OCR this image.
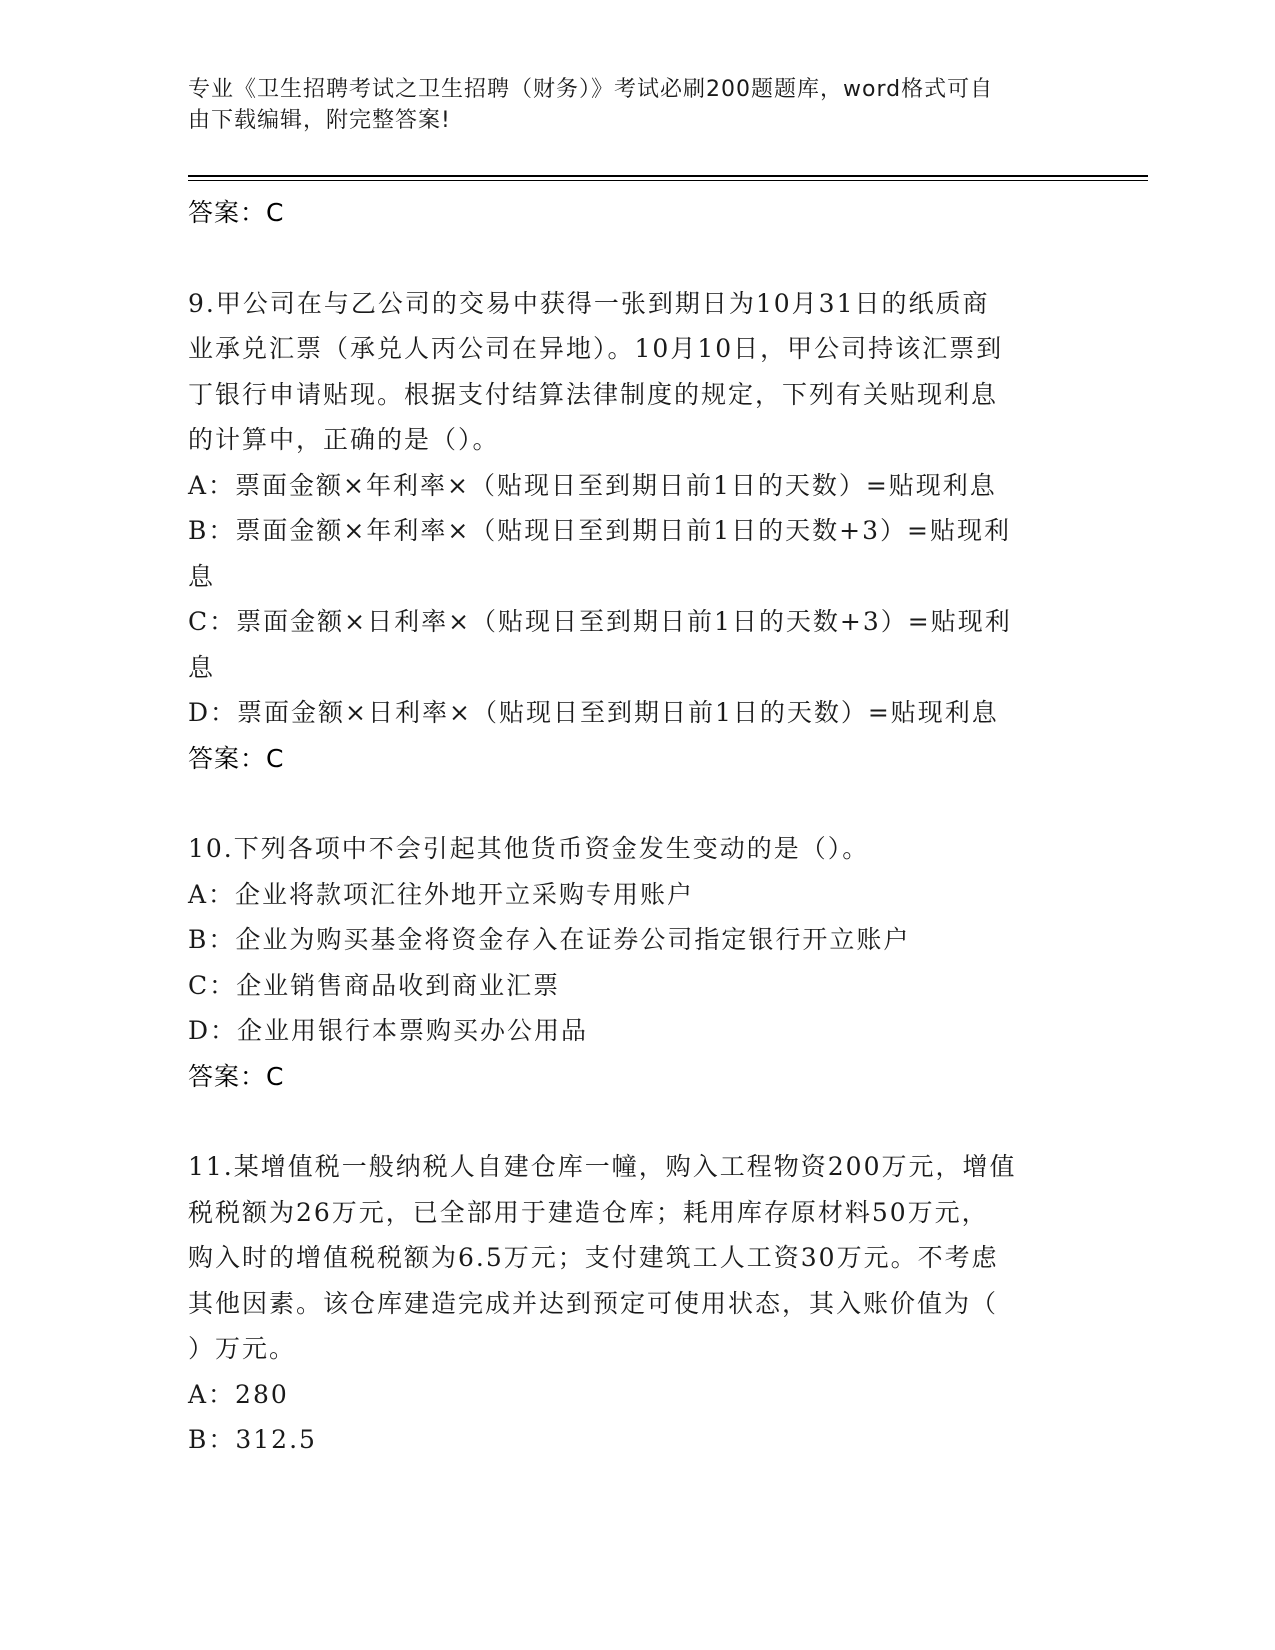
专业《卫生招聘考试之卫生招聘（财务）》考试必刷200题题库，word格式可自

由下载编辑，附完整答案!

答案：C

9.甲公司在与乙公司的交易中获得一张到期日为10月31日的纸质商

业承兑汇票（承兑人丙公司在异地）。10月10日，甲公司持该汇票到

丁银行申请贴现。根据支付结算法律制度的规定，下列有关贴现利息

的计算中，正确的是（）。

A：票面金额×年利率×（贴现日至到期日前1日的天数）=贴现利息

B：票面金额×年利率×（贴现日至到期日前1日的天数+3）=贴现利

息

C：票面金额×日利率×（贴现日至到期日前1日的天数+3）=贴现利

息

D：票面金额×日利率×（贴现日至到期日前1日的天数）=贴现利息

答案：C

10.下列各项中不会引起其他货币资金发生变动的是（）。

A：企业将款项汇往外地开立采购专用账户

B：企业为购买基金将资金存入在证券公司指定银行开立账户

C：企业销售商品收到商业汇票

D：企业用银行本票购买办公用品

答案：C

11.某增值税一般纳税人自建仓库一幢，购入工程物资200万元，增值

税税额为26万元，已全部用于建造仓库；耗用库存原材料50万元，

购入时的增值税税额为6.5万元；支付建筑工人工资30万元。不考虑

其他因素。该仓库建造完成并达到预定可使用状态，其入账价值为（

）万元。

A：280

B：312.5
